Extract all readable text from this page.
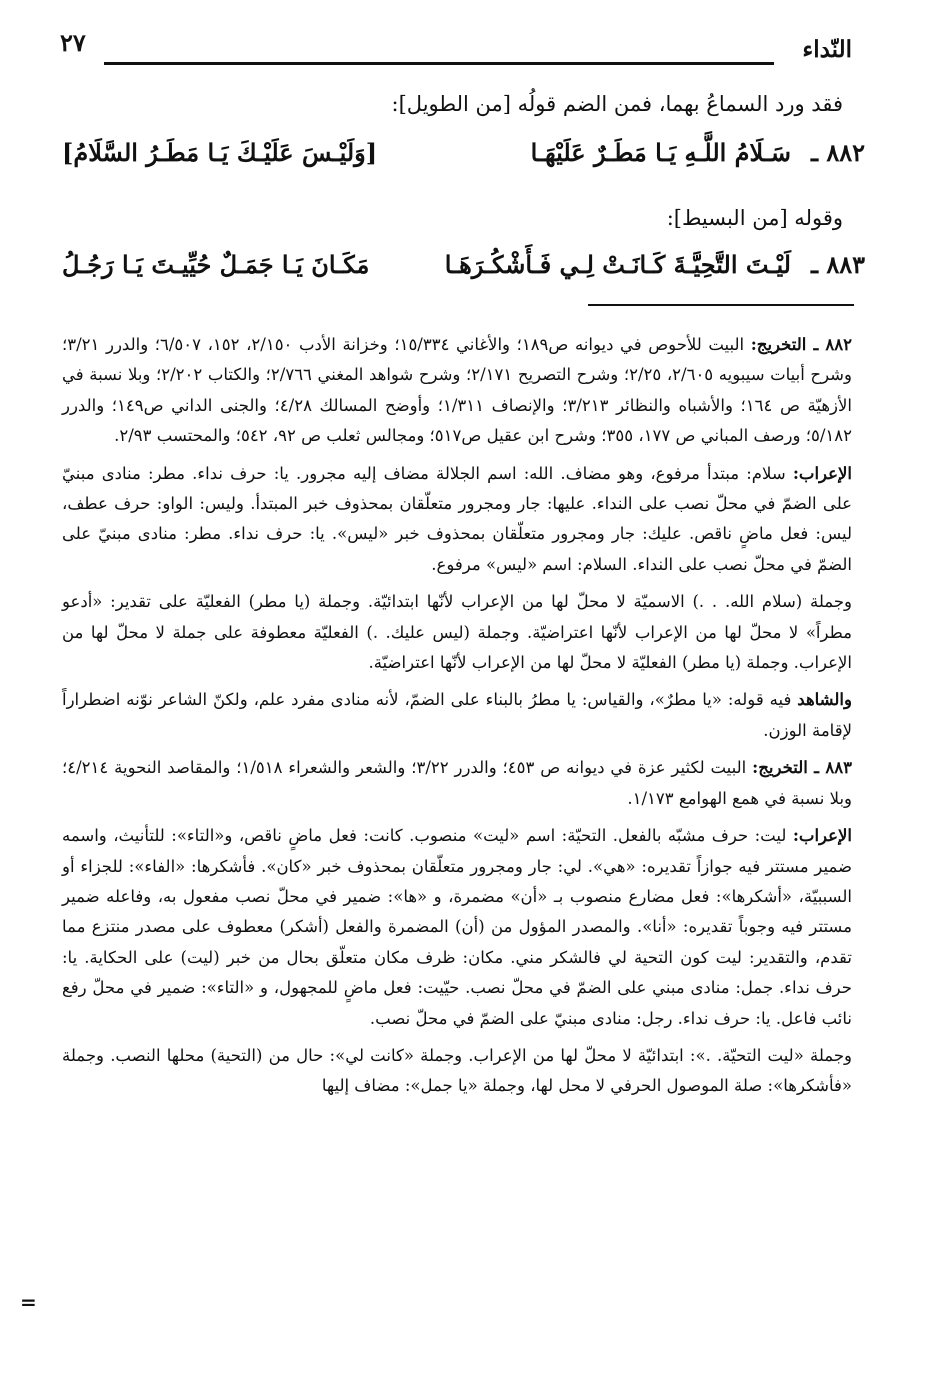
النّداء
٢٧
فقد ورد السماعُ بهما، فمن الضم قولُه [من الطويل]:
٨٨٢ ـ
سَـلَامُ اللَّـهِ يَـا مَطَـرٌ عَلَيْهَـا
[وَلَيْـسَ عَلَيْـكَ يَـا مَطَـرُ السَّلَامُ]
وقوله [من البسيط]:
٨٨٣ ـ
لَيْـتَ التَّحِيَّـةَ كَـانَـتْ لِـي فَـأَشْكُـرَهَـا
مَكَـانَ يَـا جَمَـلٌ حُيِّيـتَ يَـا رَجُـلُ

٨٨٢ ـ التخريج: البيت للأحوص في ديوانه ص١٨٩؛ والأغاني ١٥/٣٣٤؛ وخزانة الأدب ٢/١٥٠، ١٥٢، ٦/٥٠٧؛ والدرر ٣/٢١؛ وشرح أبيات سيبويه ٢/٦٠٥، ٢/٢٥؛ وشرح التصريح ٢/١٧١؛ وشرح شواهد المغني ٢/٧٦٦؛ والكتاب ٢/٢٠٢؛ وبلا نسبة في الأزهيّة ص ١٦٤؛ والأشباه والنظائر ٣/٢١٣؛ والإنصاف ١/٣١١؛ وأوضح المسالك ٤/٢٨؛ والجنى الداني ص١٤٩؛ والدرر ٥/١٨٢؛ ورصف المباني ص ١٧٧، ٣٥٥؛ وشرح ابن عقيل ص٥١٧؛ ومجالس ثعلب ص ٩٢، ٥٤٢؛ والمحتسب ٢/٩٣.

الإعراب: سلام: مبتدأ مرفوع، وهو مضاف. الله: اسم الجلالة مضاف إليه مجرور. يا: حرف نداء. مطر: منادى مبنيّ على الضمّ في محلّ نصب على النداء. عليها: جار ومجرور متعلّقان بمحذوف خبر المبتدأ. وليس: الواو: حرف عطف، ليس: فعل ماضٍ ناقص. عليك: جار ومجرور متعلّقان بمحذوف خبر «ليس». يا: حرف نداء. مطر: منادى مبنيّ على الضمّ في محلّ نصب على النداء. السلام: اسم «ليس» مرفوع.

وجملة (سلام الله. . .) الاسميّة لا محلّ لها من الإعراب لأنّها ابتدائيّة. وجملة (يا مطر) الفعليّة على تقدير: «أدعو مطراً» لا محلّ لها من الإعراب لأنّها اعتراضيّة. وجملة (ليس عليك. .) الفعليّة معطوفة على جملة لا محلّ لها من الإعراب. وجملة (يا مطر) الفعليّة لا محلّ لها من الإعراب لأنّها اعتراضيّة.

والشاهد فيه قوله: «يا مطرٌ»، والقياس: يا مطرُ بالبناء على الضمّ، لأنه منادى مفرد علم، ولكنّ الشاعر نوّنه اضطراراً لإقامة الوزن.

٨٨٣ ـ التخريج: البيت لكثير عزة في ديوانه ص ٤٥٣؛ والدرر ٣/٢٢؛ والشعر والشعراء ١/٥١٨؛ والمقاصد النحوية ٤/٢١٤؛ وبلا نسبة في همع الهوامع ١/١٧٣.

الإعراب: ليت: حرف مشبّه بالفعل. التحيّة: اسم «ليت» منصوب. كانت: فعل ماضٍ ناقص، و«التاء»: للتأنيث، واسمه ضمير مستتر فيه جوازاً تقديره: «هي». لي: جار ومجرور متعلّقان بمحذوف خبر «كان». فأشكرها: «الفاء»: للجزاء أو السببيّة، «أشكرها»: فعل مضارع منصوب بـ «أن» مضمرة، و «ها»: ضمير في محلّ نصب مفعول به، وفاعله ضمير مستتر فيه وجوباً تقديره: «أنا». والمصدر المؤول من (أن) المضمرة والفعل (أشكر) معطوف على مصدر منتزع مما تقدم، والتقدير: ليت كون التحية لي فالشكر مني. مكان: ظرف مكان متعلّق بحال من خبر (ليت) على الحكاية. يا: حرف نداء. جمل: منادى مبني على الضمّ في محلّ نصب. حيّيت: فعل ماضٍ للمجهول، و «التاء»: ضمير في محلّ رفع نائب فاعل. يا: حرف نداء. رجل: منادى مبنيّ على الضمّ في محلّ نصب.

وجملة «ليت التحيّة. .»: ابتدائيّة لا محلّ لها من الإعراب. وجملة «كانت لي»: حال من (التحية) محلها النصب. وجملة «فأشكرها»: صلة الموصول الحرفي لا محل لها، وجملة «يا جمل»: مضاف إليها

=
